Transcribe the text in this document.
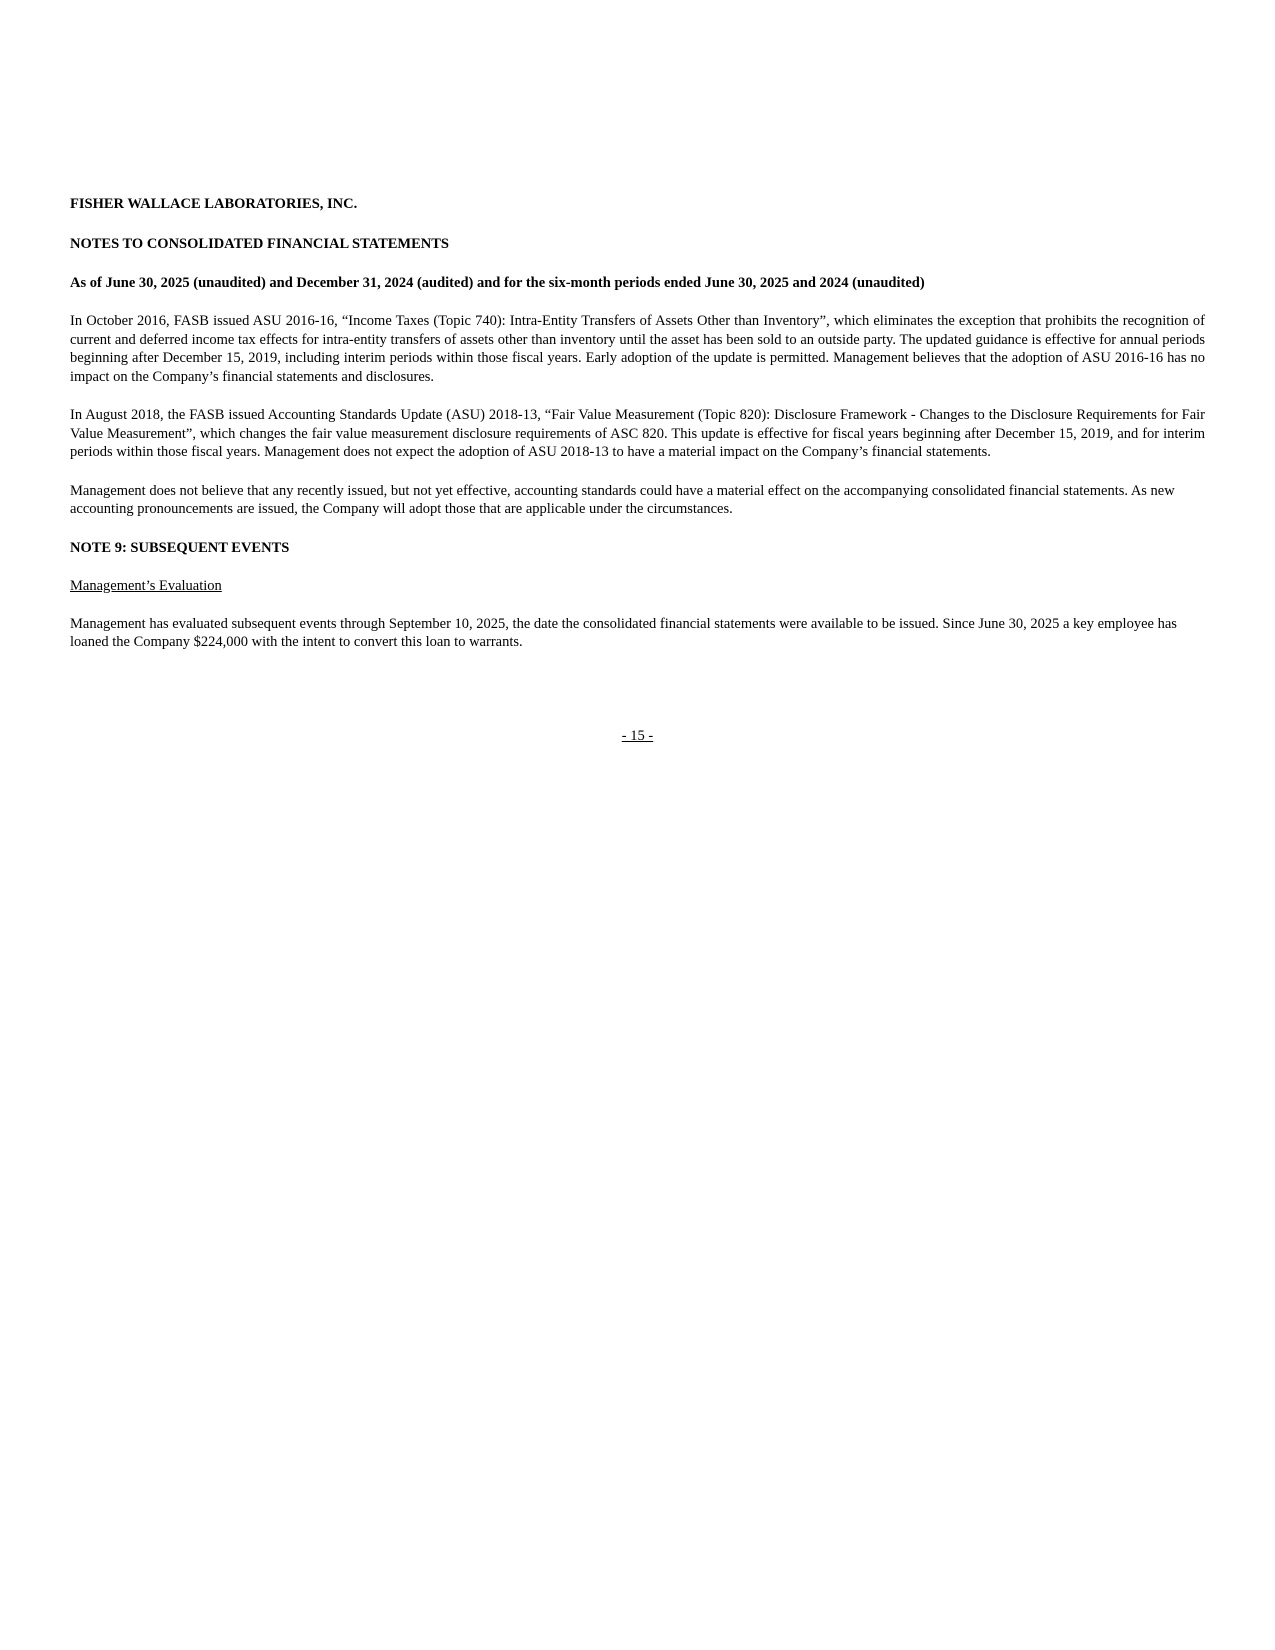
FISHER WALLACE LABORATORIES, INC.

NOTES TO CONSOLIDATED FINANCIAL STATEMENTS

As of June 30, 2025 (unaudited) and December 31, 2024 (audited) and for the six-month periods ended June 30, 2025 and 2024 (unaudited)

In October 2016, FASB issued ASU 2016-16, “Income Taxes (Topic 740): Intra-Entity Transfers of Assets Other than Inventory”, which eliminates the exception that prohibits the recognition of current and deferred income tax effects for intra-entity transfers of assets other than inventory until the asset has been sold to an outside party. The updated guidance is effective for annual periods beginning after December 15, 2019, including interim periods within those fiscal years. Early adoption of the update is permitted. Management believes that the adoption of ASU 2016-16 has no impact on the Company’s financial statements and disclosures.

In August 2018, the FASB issued Accounting Standards Update (ASU) 2018-13, “Fair Value Measurement (Topic 820): Disclosure Framework - Changes to the Disclosure Requirements for Fair Value Measurement”, which changes the fair value measurement disclosure requirements of ASC 820. This update is effective for fiscal years beginning after December 15, 2019, and for interim periods within those fiscal years. Management does not expect the adoption of ASU 2018-13 to have a material impact on the Company’s financial statements.

Management does not believe that any recently issued, but not yet effective, accounting standards could have a material effect on the accompanying consolidated financial statements. As new accounting pronouncements are issued, the Company will adopt those that are applicable under the circumstances.

NOTE 9: SUBSEQUENT EVENTS

Management’s Evaluation

Management has evaluated subsequent events through September 10, 2025, the date the consolidated financial statements were available to be issued. Since June 30, 2025 a key employee has loaned the Company $224,000 with the intent to convert this loan to warrants.

- 15 -
